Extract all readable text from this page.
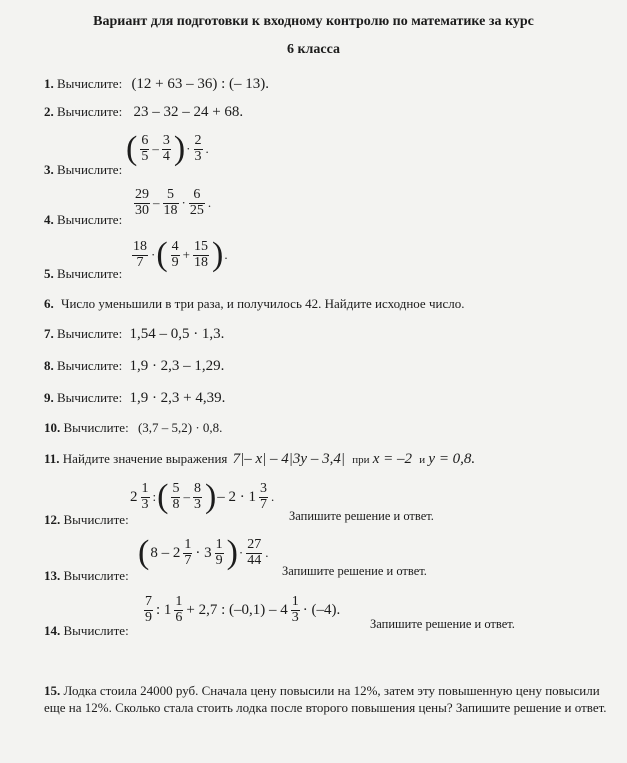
Вариант для подготовки к входному контролю по математике за курс
6 класса
1. Вычислите: (12 + 63 – 36) : (– 13).
2. Вычислите: 23 – 32 – 24 + 68.
3. Вычислите:
( $\frac{6}{5} - \frac{3}{4}$ ) · $\frac{2}{3}$ .
4. Вычислите:
$\frac{29}{30} - \frac{5}{18} \cdot \frac{6}{25}$ .
5. Вычислите:
$\frac{18}{7}$ · ( $\frac{4}{9} + \frac{15}{18}$ ) .
6. Число уменьшили в три раза, и получилось 42. Найдите исходное число.
7. Вычислите: 1,54 – 0,5 · 1,3.
8. Вычислите: 1,9 · 2,3 – 1,29.
9. Вычислите: 1,9 · 2,3 + 4,39.
10. Вычислите: (3,7 – 5,2) · 0,8.
11. Найдите значение выражения 7|– x| – 4|3y – 3,4| при x = –2 и y = 0,8.
12. Вычислите:
$2 \frac{1}{3}$ : ( $\frac{5}{8} - \frac{8}{3}$ ) – $2 \cdot 1 \frac{3}{7}$ .
Запишите решение и ответ.
13. Вычислите:
( $8 - 2 \frac{1}{7} \cdot 3 \frac{1}{9}$ ) · $\frac{27}{44}$ .
Запишите решение и ответ.
14. Вычислите:
$\frac{7}{9}$ : $1 \frac{1}{6} + 2,7$ : $(-0,1) - 4 \frac{1}{3} \cdot (-4)$.
Запишите решение и ответ.
15. Лодка стоила 24000 руб. Сначала цену повысили на 12%, затем эту повышенную цену повысили еще на 12%. Сколько стала стоить лодка после второго повышения цены? Запишите решение и ответ.
